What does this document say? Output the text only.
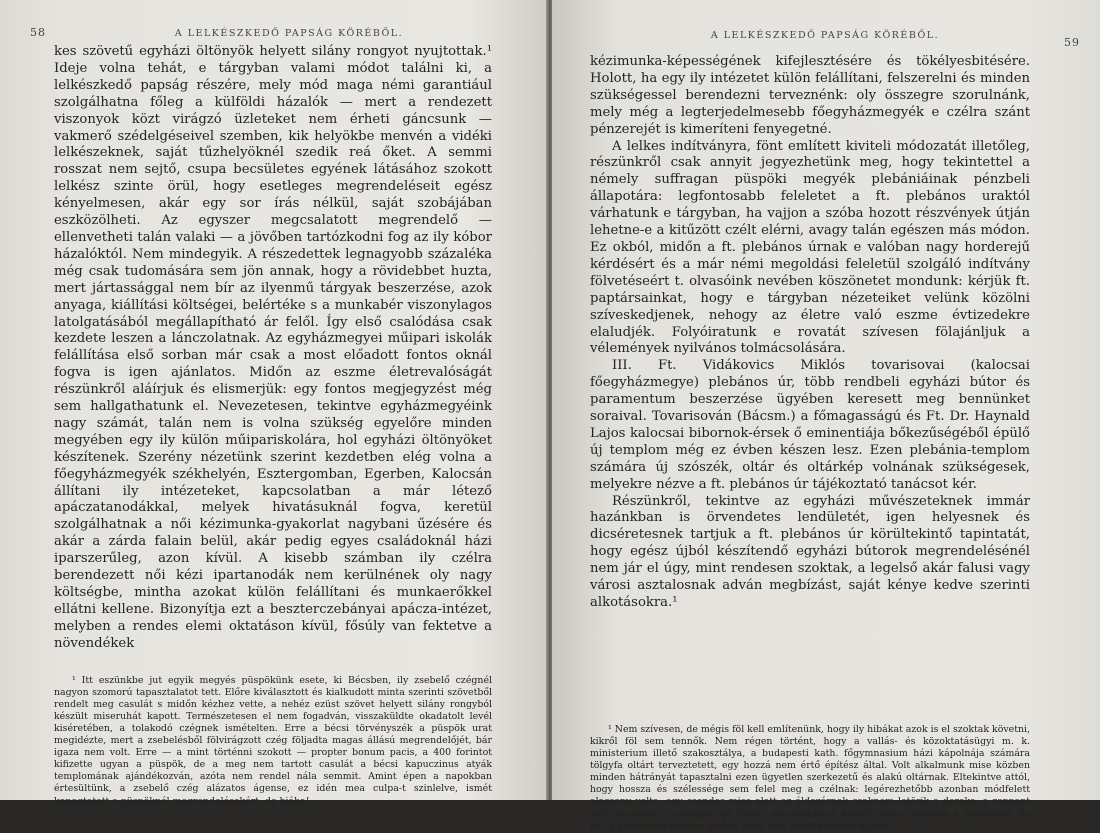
58	A LELKÉSZKEDŐ PAPSÁG KÖRÉBŐL.

kes szövetű egyházi öltönyök helyett silány rongyot nyujtottak.¹ Ideje volna tehát, e tárgyban valami módot találni ki, a lelkészkedő papság részére, mely mód maga némi garantiául szolgálhatna főleg a külföldi házalók — mert a rendezett viszonyok közt virágzó üzleteket nem érheti gáncsunk — vakmerő szédelgéseivel szemben, kik helyökbe menvén a vidéki lelkészeknek, saját tűzhelyöknél szedik reá őket. A semmi rosszat nem sejtő, csupa becsületes egyének látásához szokott lelkész szinte örül, hogy esetleges megrendeléseit egész kényelmesen, akár egy sor írás nélkül, saját szobájában eszközölheti. Az egyszer megcsalatott megrendelő — ellenvetheti talán valaki — a jövőben tartózkodni fog az ily kóbor házalóktól. Nem mindegyik. A részedettek legnagyobb százaléka még csak tudomására sem jön annak, hogy a rövidebbet huzta, mert jártassággal nem bír az ilyenmű tárgyak beszerzése, azok anyaga, kiállítási költségei, belértéke s a munkabér viszonylagos latolgatásából megállapítható ár felől. Így első csalódása csak kezdete leszen a lánczolatnak. Az egyházmegyei műipari iskolák felállítása első sorban már csak a most előadott fontos oknál fogva is igen ajánlatos. Midőn az eszme életrevalóságát részünkről aláírjuk és elismerjük: egy fontos megjegyzést még sem hallgathatunk el. Nevezetesen, tekintve egyházmegyéink nagy számát, talán nem is volna szükség egyelőre minden megyében egy ily külön műipariskolára, hol egyházi öltönyöket készítenek. Szerény nézetünk szerint kezdetben elég volna a főegyházmegyék székhelyén, Esztergomban, Egerben, Kalocsán állítani ily intézeteket, kapcsolatban a már létező apáczatanodákkal, melyek hivatásuknál fogva, keretül szolgálhatnak a női kézimunka-gyakorlat nagybani űzésére és akár a zárda falain belül, akár pedig egyes családoknál házi iparszerűleg, azon kívül. A kisebb számban ily czélra berendezett női kézi ipartanodák nem kerülnének oly nagy költségbe, mintha azokat külön felállítani és munkaerőkkel ellátni kellene. Bizonyítja ezt a beszterczebányai apácza-intézet, melyben a rendes elemi oktatáson kívül, fősúly van fektetve a növendékek

¹ Itt eszünkbe jut egyik megyés püspökünk esete, ki Bécsben, ily zsebelő czégnél nagyon szomorú tapasztalatot tett. Előre kiválasztott és kialkudott minta szerinti szövetből rendelt meg casulát s midőn kézhez vette, a nehéz ezüst szövet helyett silány rongyból készült miseruhát kapott. Természetesen el nem fogadván, visszaküldte okadatolt levél kiséretében, a tolakodó czégnek ismételten. Erre a bécsi törvényszék a püspök urat megidézte, mert a zsebelésből fölvirágzott czég följadta magas állású megrendelőjét, bár igaza nem volt. Erre — a mint történni szokott — propter bonum pacis, a 400 forintot kifizette ugyan a püspök, de a meg nem tartott casulát a bécsi kapuczinus atyák templomának ajándékozván, azóta nem rendel nála semmit. Amint épen a napokban értesültünk, a zsebelő czég alázatos ágense, ez idén mea culpa-t szinlelve, ismét kopogtatott a püspöknél megrendelésekért, de hiába!

A LELKÉSZKEDŐ PAPSÁG KÖRÉBŐL.
59

kézimunka-képességének kifejlesztésére és tökélyesbitésére. Holott, ha egy ily intézetet külön felállítani, felszerelni és minden szükségessel berendezni terveznénk: oly összegre szorulnánk, mely még a legterjedelmesebb főegyházmegyék e czélra szánt pénzerejét is kimeríteni fenyegetné.

A lelkes indítványra, fönt említett kiviteli módozatát illetőleg, részünkről csak annyit jegyezhetünk meg, hogy tekintettel a némely suffragan püspöki megyék plebániáinak pénzbeli állapotára: legfontosabb feleletet a ft. plebános uraktól várhatunk e tárgyban, ha vajjon a szóba hozott részvények útján lehetne-e a kitűzött czélt elérni, avagy talán egészen más módon. Ez okból, midőn a ft. plebános úrnak e valóban nagy horderejű kérdésért és a már némi megoldási feleletül szolgáló indítvány fölvetéseért t. olvasóink nevében köszönetet mondunk: kérjük ft. paptársainkat, hogy e tárgyban nézeteiket velünk közölni szíveskedjenek, nehogy az életre való eszme évtizedekre elaludjék. Folyóiratunk e rovatát szívesen fölajánljuk a vélemények nyilvános tolmácsolására.

III. Ft. Vidákovics Miklós tovarisovai (kalocsai főegyházmegye) plebános úr, több rendbeli egyházi bútor és paramentum beszerzése ügyében keresett meg bennünket soraival. Tovarisován (Bácsm.) a főmagasságú és Ft. Dr. Haynald Lajos kalocsai bibornok-érsek ő eminentiája bőkezűségéből épülő új templom még ez évben készen lesz. Ezen plebánia-templom számára új szószék, oltár és oltárkép volnának szükségesek, melyekre nézve a ft. plebános úr tájékoztató tanácsot kér.

Részünkről, tekintve az egyházi művészeteknek immár hazánkban is örvendetes lendületét, igen helyesnek és dicséretesnek tartjuk a ft. plebános úr körültekintő tapintatát, hogy egész újból készítendő egyházi bútorok megrendelésénél nem jár el úgy, mint rendesen szoktak, a legelső akár falusi vagy városi asztalosnak adván megbízást, saját kénye kedve szerinti alkotásokra.¹

¹ Nem szívesen, de mégis föl kell említenünk, hogy ily hibákat azok is el szoktak követni, kikről föl sem tennők. Nem régen történt, hogy a vallás- és közoktatásügyi m. k. ministerium illető szakosztálya, a budapesti kath. főgymnasium házi kápolnája számára tölgyfa oltárt terveztetett, egy hozzá nem értő építész által. Volt alkalmunk mise közben minden hátrányát tapasztalni ezen ügyetlen szerkezetű és alakú oltárnak. Eltekintve attól, hogy hossza és szélessége sem felel meg a czélnak: legérezhetőbb azonban módfelett alacsony volta; egy csendes mise alatt az áldozárnak csaknem letörik a dereka, a roppant sok lehajlástól. Legalább egy lábbal magasabbnak kellett volna csinálnia a mesternek de hát a protestans építész azelőtt soha sem látott közelről oltárt!
